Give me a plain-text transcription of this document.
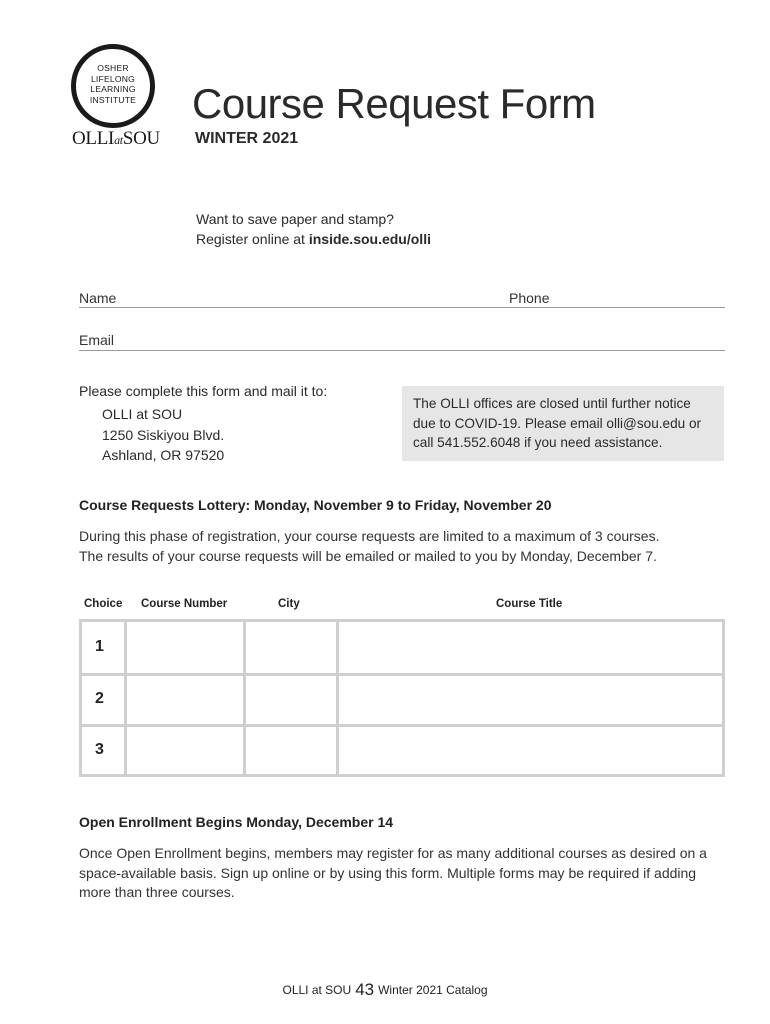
OSHER
LIFELONG
LEARNING
INSTITUTE
OLLIatSOU
Course Request Form
WINTER 2021
Want to save paper and stamp?
Register online at inside.sou.edu/olli
Name	Phone
Email
Please complete this form and mail it to:
OLLI at SOU
1250 Siskiyou Blvd.
Ashland, OR 97520
The OLLI offices are closed until further notice
due to COVID-19. Please email olli@sou.edu or
call 541.552.6048 if you need assistance.
Course Requests Lottery: Monday, November 9 to Friday, November 20
During this phase of registration, your course requests are limited to a maximum of 3 courses.
The results of your course requests will be emailed or mailed to you by Monday, December 7.
Choice Course Number	City	Course Title
1
2
3
Open Enrollment Begins Monday, December 14
Once Open Enrollment begins, members may register for as many additional courses as desired on a
space-available basis. Sign up online or by using this form. Multiple forms may be required if adding
more than three courses.
OLLI at SOU 43 Winter 2021 Catalog
